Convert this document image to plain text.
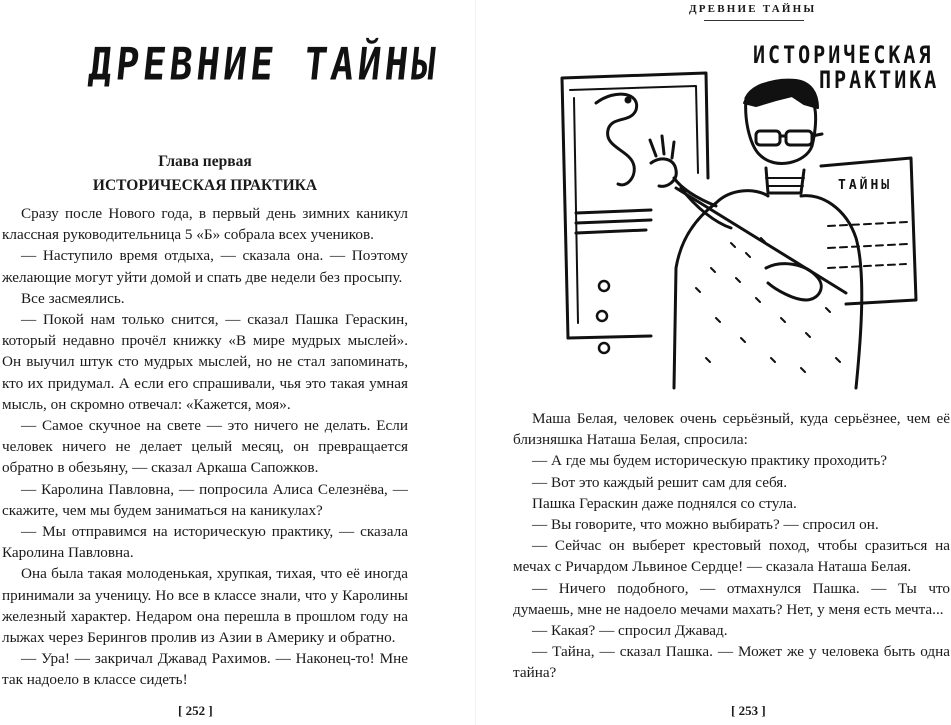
ДРЕВНИЕ ТАЙНЫ
Глава первая
ИСТОРИЧЕСКАЯ ПРАКТИКА

Сразу после Нового года, в первый день зимних каникул классная руководительница 5 «Б» собрала всех учеников.

— Наступило время отдыха, — сказала она. — Поэтому желающие могут уйти домой и спать две недели без просыпу.

Все засмеялись.

— Покой нам только снится, — сказал Пашка Гераскин, который недавно прочёл книжку «В мире мудрых мыслей». Он выучил штук сто мудрых мыслей, но не стал запоминать, кто их придумал. А если его спрашивали, чья это такая умная мысль, он скромно отвечал: «Кажется, моя».

— Самое скучное на свете — это ничего не делать. Если человек ничего не делает целый месяц, он превращается обратно в обезьяну, — сказал Аркаша Сапожков.

— Каролина Павловна, — попросила Алиса Селезнёва, — скажите, чем мы будем заниматься на каникулах?

— Мы отправимся на историческую практику, — сказала Каролина Павловна.

Она была такая молоденькая, хрупкая, тихая, что её иногда принимали за ученицу. Но все в классе знали, что у Каролины железный характер. Недаром она перешла в прошлом году на лыжах через Берингов пролив из Азии в Америку и обратно.

— Ура! — закричал Джавад Рахимов. — Наконец-то! Мне так надоело в классе сидеть!

[ 252 ]
ДРЕВНИЕ ТАЙНЫ
ИСТОРИЧЕСКАЯ
ПРАКТИКА
ТАЙНЫ

Маша Белая, человек очень серьёзный, куда серьёзнее, чем её близняшка Наташа Белая, спросила:

— А где мы будем историческую практику проходить?

— Вот это каждый решит сам для себя.

Пашка Гераскин даже поднялся со стула.

— Вы говорите, что можно выбирать? — спросил он.

— Сейчас он выберет крестовый поход, чтобы сразиться на мечах с Ричардом Львиное Сердце! — сказала Наташа Белая.

— Ничего подобного, — отмахнулся Пашка. — Ты что думаешь, мне не надоело мечами махать? Нет, у меня есть мечта...

— Какая? — спросил Джавад.

— Тайна, — сказал Пашка. — Может же у человека быть одна тайна?

[ 253 ]
